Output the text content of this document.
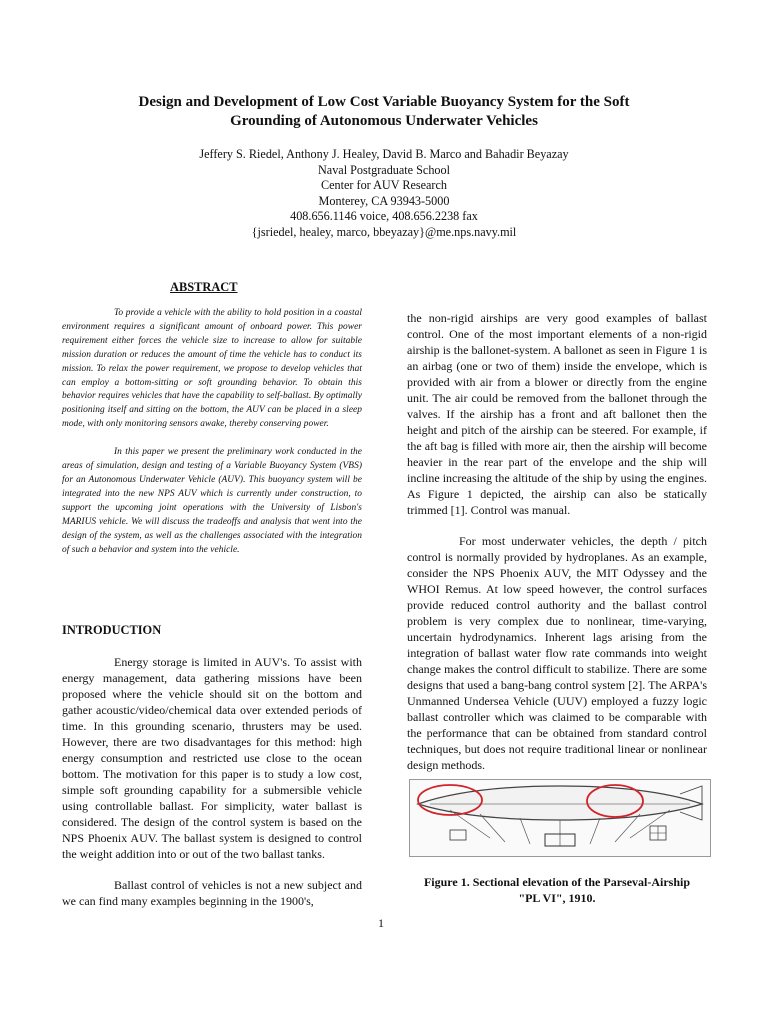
Design and Development of Low Cost Variable Buoyancy System for the Soft
Grounding of Autonomous Underwater Vehicles
Jeffery S. Riedel, Anthony J. Healey, David B. Marco and Bahadir Beyazay
Naval Postgraduate School
Center for AUV Research
Monterey, CA 93943-5000
408.656.1146 voice, 408.656.2238 fax
{jsriedel, healey, marco, bbeyazay}@me.nps.navy.mil
ABSTRACT

To provide a vehicle with the ability to hold position in a coastal environment requires a significant amount of onboard power. This power requirement either forces the vehicle size to increase to allow for suitable mission duration or reduces the amount of time the vehicle has to conduct its mission. To relax the power requirement, we propose to develop vehicles that can employ a bottom-sitting or soft grounding behavior. To obtain this behavior requires vehicles that have the capability to self-ballast. By optimally positioning itself and sitting on the bottom, the AUV can be placed in a sleep mode, with only monitoring sensors awake, thereby conserving power.

In this paper we present the preliminary work conducted in the areas of simulation, design and testing of a Variable Buoyancy System (VBS) for an Autonomous Underwater Vehicle (AUV). This buoyancy system will be integrated into the new NPS AUV which is currently under construction, to support the upcoming joint operations with the University of Lisbon's MARIUS vehicle. We will discuss the tradeoffs and analysis that went into the design of the system, as well as the challenges associated with the integration of such a behavior and system into the vehicle.

INTRODUCTION

Energy storage is limited in AUV's. To assist with energy management, data gathering missions have been proposed where the vehicle should sit on the bottom and gather acoustic/video/chemical data over extended periods of time. In this grounding scenario, thrusters may be used. However, there are two disadvantages for this method: high energy consumption and restricted use close to the ocean bottom. The motivation for this paper is to study a low cost, simple soft grounding capability for a submersible vehicle using controllable ballast. For simplicity, water ballast is considered. The design of the control system is based on the NPS Phoenix AUV. The ballast system is designed to control the weight addition into or out of the two ballast tanks.

Ballast control of vehicles is not a new subject and we can find many examples beginning in the 1900's,

the non-rigid airships are very good examples of ballast control. One of the most important elements of a non-rigid airship is the ballonet-system. A ballonet as seen in Figure 1 is an airbag (one or two of them) inside the envelope, which is provided with air from a blower or directly from the engine unit. The air could be removed from the ballonet through the valves. If the airship has a front and aft ballonet then the height and pitch of the airship can be steered. For example, if the aft bag is filled with more air, then the airship will become heavier in the rear part of the envelope and the ship will incline increasing the altitude of the ship by using the engines. As Figure 1 depicted, the airship can also be statically trimmed [1]. Control was manual.

For most underwater vehicles, the depth / pitch control is normally provided by hydroplanes. As an example, consider the NPS Phoenix AUV, the MIT Odyssey and the WHOI Remus. At low speed however, the control surfaces provide reduced control authority and the ballast control problem is very complex due to nonlinear, time-varying, uncertain hydrodynamics. Inherent lags arising from the integration of ballast water flow rate commands into weight change makes the control difficult to stabilize. There are some designs that used a bang-bang control system [2]. The ARPA's Unmanned Undersea Vehicle (UUV) employed a fuzzy logic ballast controller which was claimed to be comparable with the performance that can be obtained from standard control techniques, but does not require traditional linear or nonlinear design methods.

Figure 1. Sectional elevation of the Parseval-Airship
"PL VI", 1910.
1
